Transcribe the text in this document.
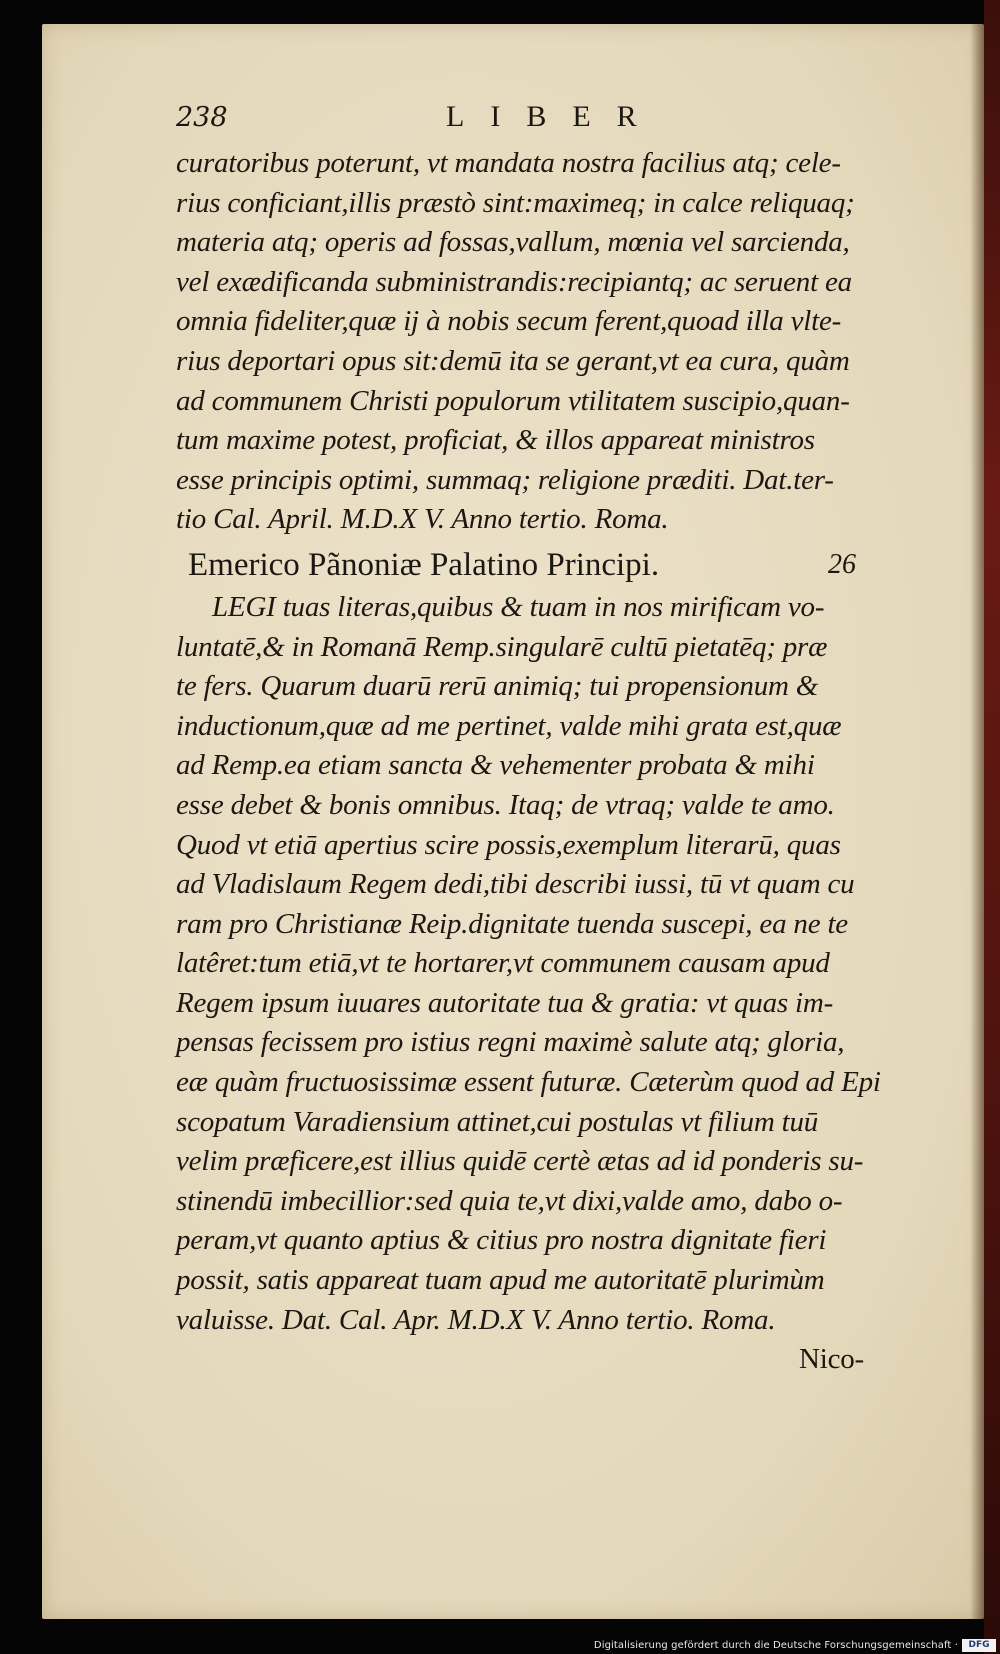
238	LIBER
curatoribus poterunt, vt mandata nostra facilius atq; cele-
rius conficiant,illis præstò sint:maximeq; in calce reliquaq;
materia atq; operis ad fossas,vallum, mœnia vel sarcienda,
vel exædificanda subministrandis:recipiantq; ac seruent ea
omnia fideliter,quæ ij à nobis secum ferent,quoad illa vlte-
rius deportari opus sit:demū ita se gerant,vt ea cura, quàm
ad communem Christi populorum vtilitatem suscipio,quan-
tum maxime potest, proficiat, & illos appareat ministros
esse principis optimi, summaq; religione præditi. Dat.ter-
tio Cal. April. M.D.X V. Anno tertio. Roma.
Emerico Pãnoniæ Palatino Principi.	26
LEGI tuas literas,quibus & tuam in nos mirificam vo-
luntatē,& in Romanā Remp.singularē cultū pietatēq; præ
te fers. Quarum duarū rerū animiq; tui propensionum &
inductionum,quæ ad me pertinet, valde mihi grata est,quæ
ad Remp.ea etiam sancta & vehementer probata & mihi
esse debet & bonis omnibus. Itaq; de vtraq; valde te amo.
Quod vt etiā apertius scire possis,exemplum literarū, quas
ad Vladislaum Regem dedi,tibi describi iussi, tū vt quam cu
ram pro Christianæ Reip.dignitate tuenda suscepi, ea ne te
latêret:tum etiā,vt te hortarer,vt communem causam apud
Regem ipsum iuuares autoritate tua & gratia: vt quas im-
pensas fecissem pro istius regni maximè salute atq; gloria,
eæ quàm fructuosissimæ essent futuræ. Cæterùm quod ad Epi
scopatum Varadiensium attinet,cui postulas vt filium tuū
velim præficere,est illius quidē certè ætas ad id ponderis su-
stinendū imbecillior:sed quia te,vt dixi,valde amo, dabo o-
peram,vt quanto aptius & citius pro nostra dignitate fieri
possit, satis appareat tuam apud me autoritatē plurimùm
valuisse. Dat. Cal. Apr. M.D.X V. Anno tertio. Roma.
Nico-
Digitalisierung gefördert durch die Deutsche Forschungsgemeinschaft ·	DFG
